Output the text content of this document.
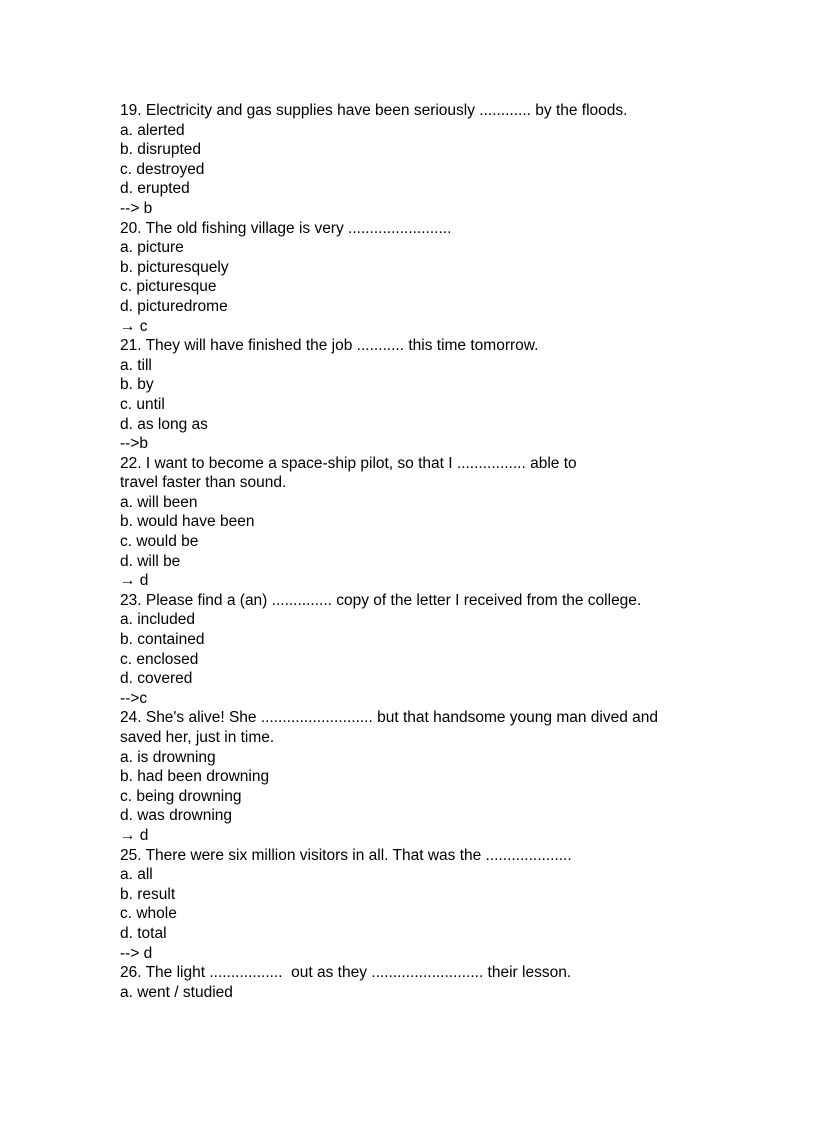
19. Electricity and gas supplies have been seriously ............ by the floods.
a. alerted
b. disrupted
c. destroyed
d. erupted
--> b
20. The old fishing village is very ........................
a. picture
b. picturesquely
c. picturesque
d. picturedrome
→ c
21. They will have finished the job ........... this time tomorrow.
a. till
b. by
c. until
d. as long as
-->b
22. I want to become a space-ship pilot, so that I ................ able to
travel faster than sound.
a. will been
b. would have been
c. would be
d. will be
→ d
23. Please find a (an) .............. copy of the letter I received from the college.
a. included
b. contained
c. enclosed
d. covered
-->c
24. She's alive! She .......................... but that handsome young man dived and
saved her, just in time.
a. is drowning
b. had been drowning
c. being drowning
d. was drowning
→ d
25. There were six million visitors in all. That was the ....................
a. all
b. result
c. whole
d. total
--> d
26. The light .................  out as they .......................... their lesson.
a. went / studied
